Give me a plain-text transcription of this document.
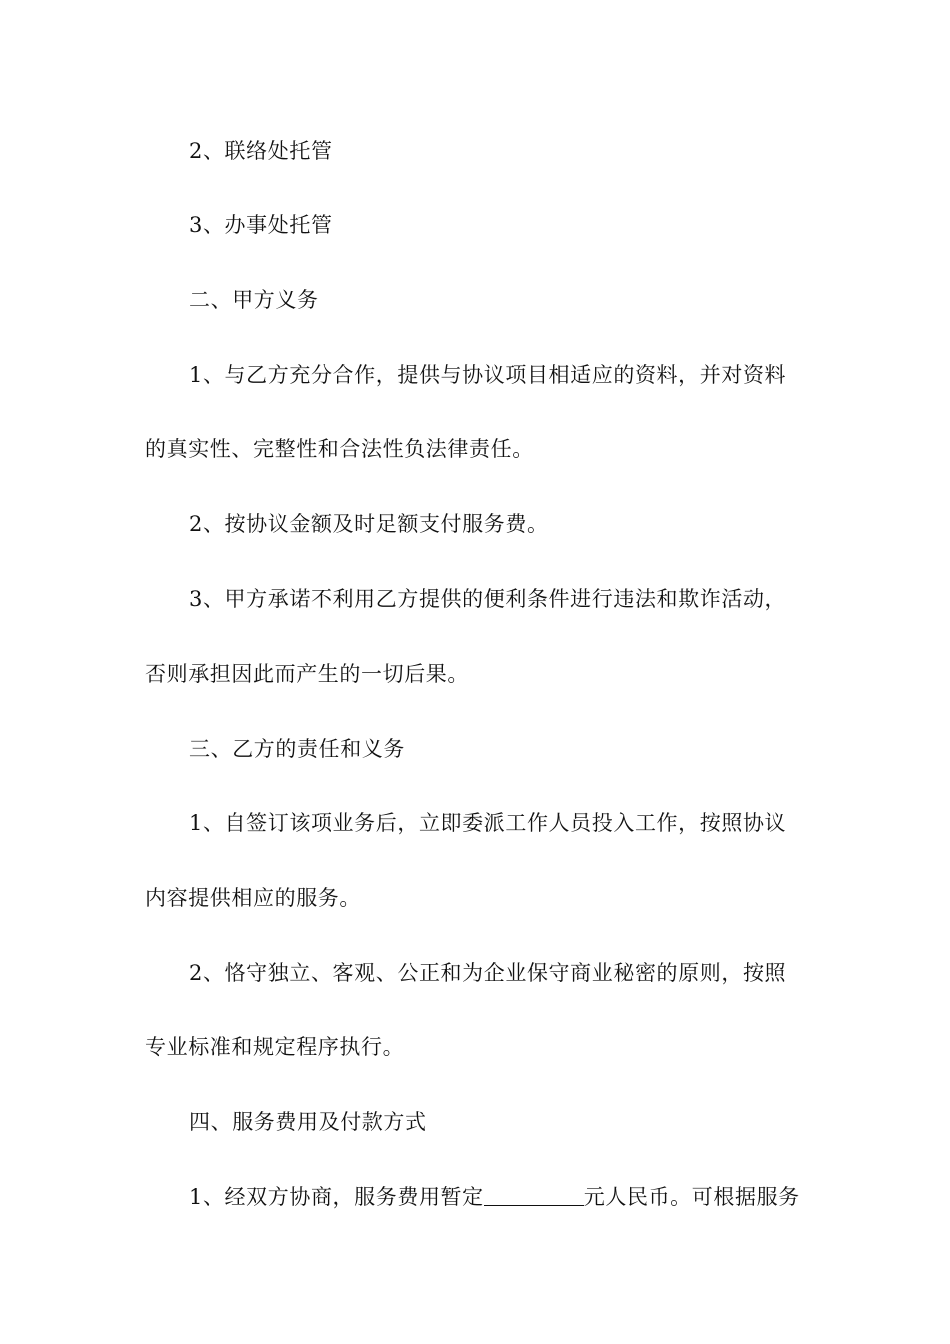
2、联络处托管
3、办事处托管
二、甲方义务
1、与乙方充分合作，提供与协议项目相适应的资料，并对资料
的真实性、完整性和合法性负法律责任。
2、按协议金额及时足额支付服务费。
3、甲方承诺不利用乙方提供的便利条件进行违法和欺诈活动，
否则承担因此而产生的一切后果。
三、乙方的责任和义务
1、自签订该项业务后，立即委派工作人员投入工作，按照协议
内容提供相应的服务。
2、恪守独立、客观、公正和为企业保守商业秘密的原则，按照
专业标准和规定程序执行。
四、服务费用及付款方式
1、经双方协商，服务费用暂定	元人民币。可根据服务
